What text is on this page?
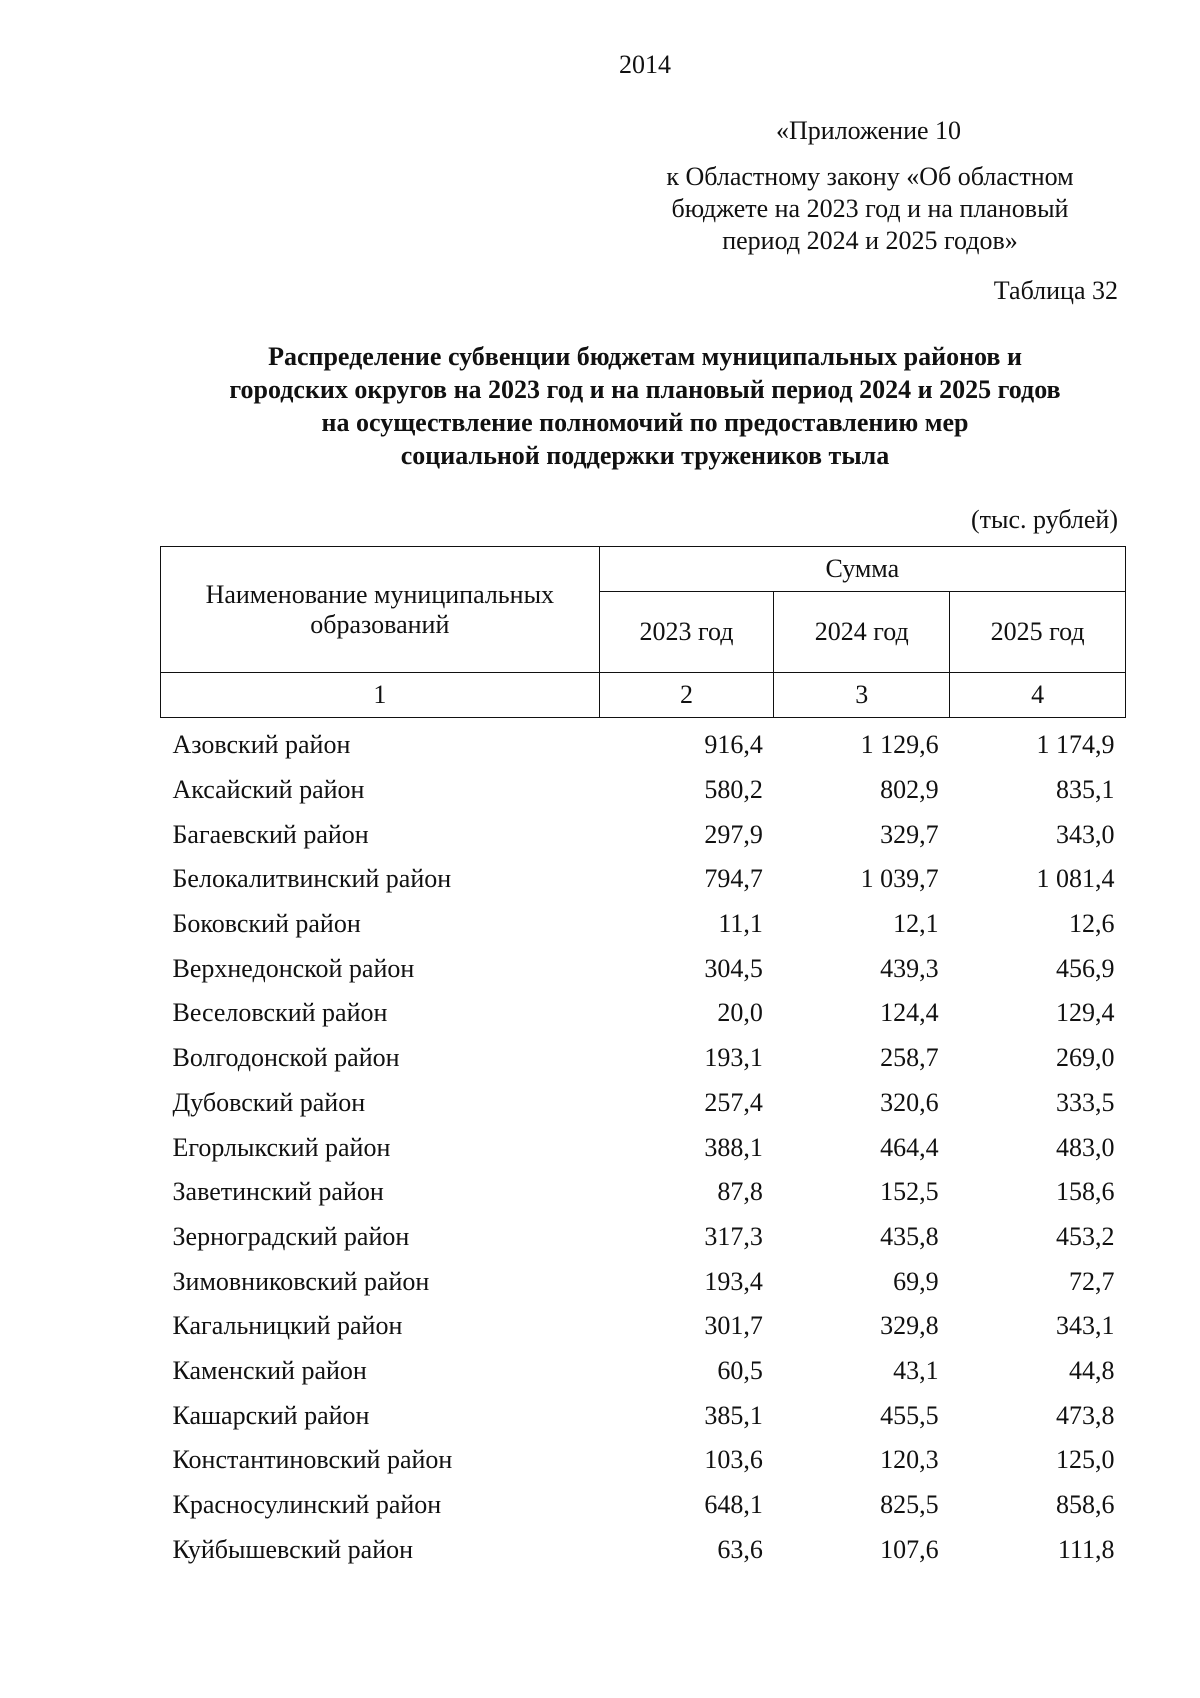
2014
«Приложение 10
к Областному закону «Об областном
бюджете на 2023 год и на плановый
период 2024 и 2025 годов»
Таблица 32
Распределение субвенции бюджетам муниципальных районов и
городских округов на 2023 год и на плановый период 2024 и 2025 годов
на осуществление полномочий по предоставлению мер
социальной поддержки тружеников тыла
(тыс. рублей)
Наименование муниципальных
образований	Сумма		
	2023 год	2024 год	2025 год
1	2	3	4
Азовский район	916,4	1 129,6	1 174,9
Аксайский район	580,2	802,9	835,1
Багаевский район	297,9	329,7	343,0
Белокалитвинский район	794,7	1 039,7	1 081,4
Боковский район	11,1	12,1	12,6
Верхнедонской район	304,5	439,3	456,9
Веселовский район	20,0	124,4	129,4
Волгодонской район	193,1	258,7	269,0
Дубовский район	257,4	320,6	333,5
Егорлыкский район	388,1	464,4	483,0
Заветинский район	87,8	152,5	158,6
Зерноградский район	317,3	435,8	453,2
Зимовниковский район	193,4	69,9	72,7
Кагальницкий район	301,7	329,8	343,1
Каменский район	60,5	43,1	44,8
Кашарский район	385,1	455,5	473,8
Константиновский район	103,6	120,3	125,0
Красносулинский район	648,1	825,5	858,6
Куйбышевский район	63,6	107,6	111,8
